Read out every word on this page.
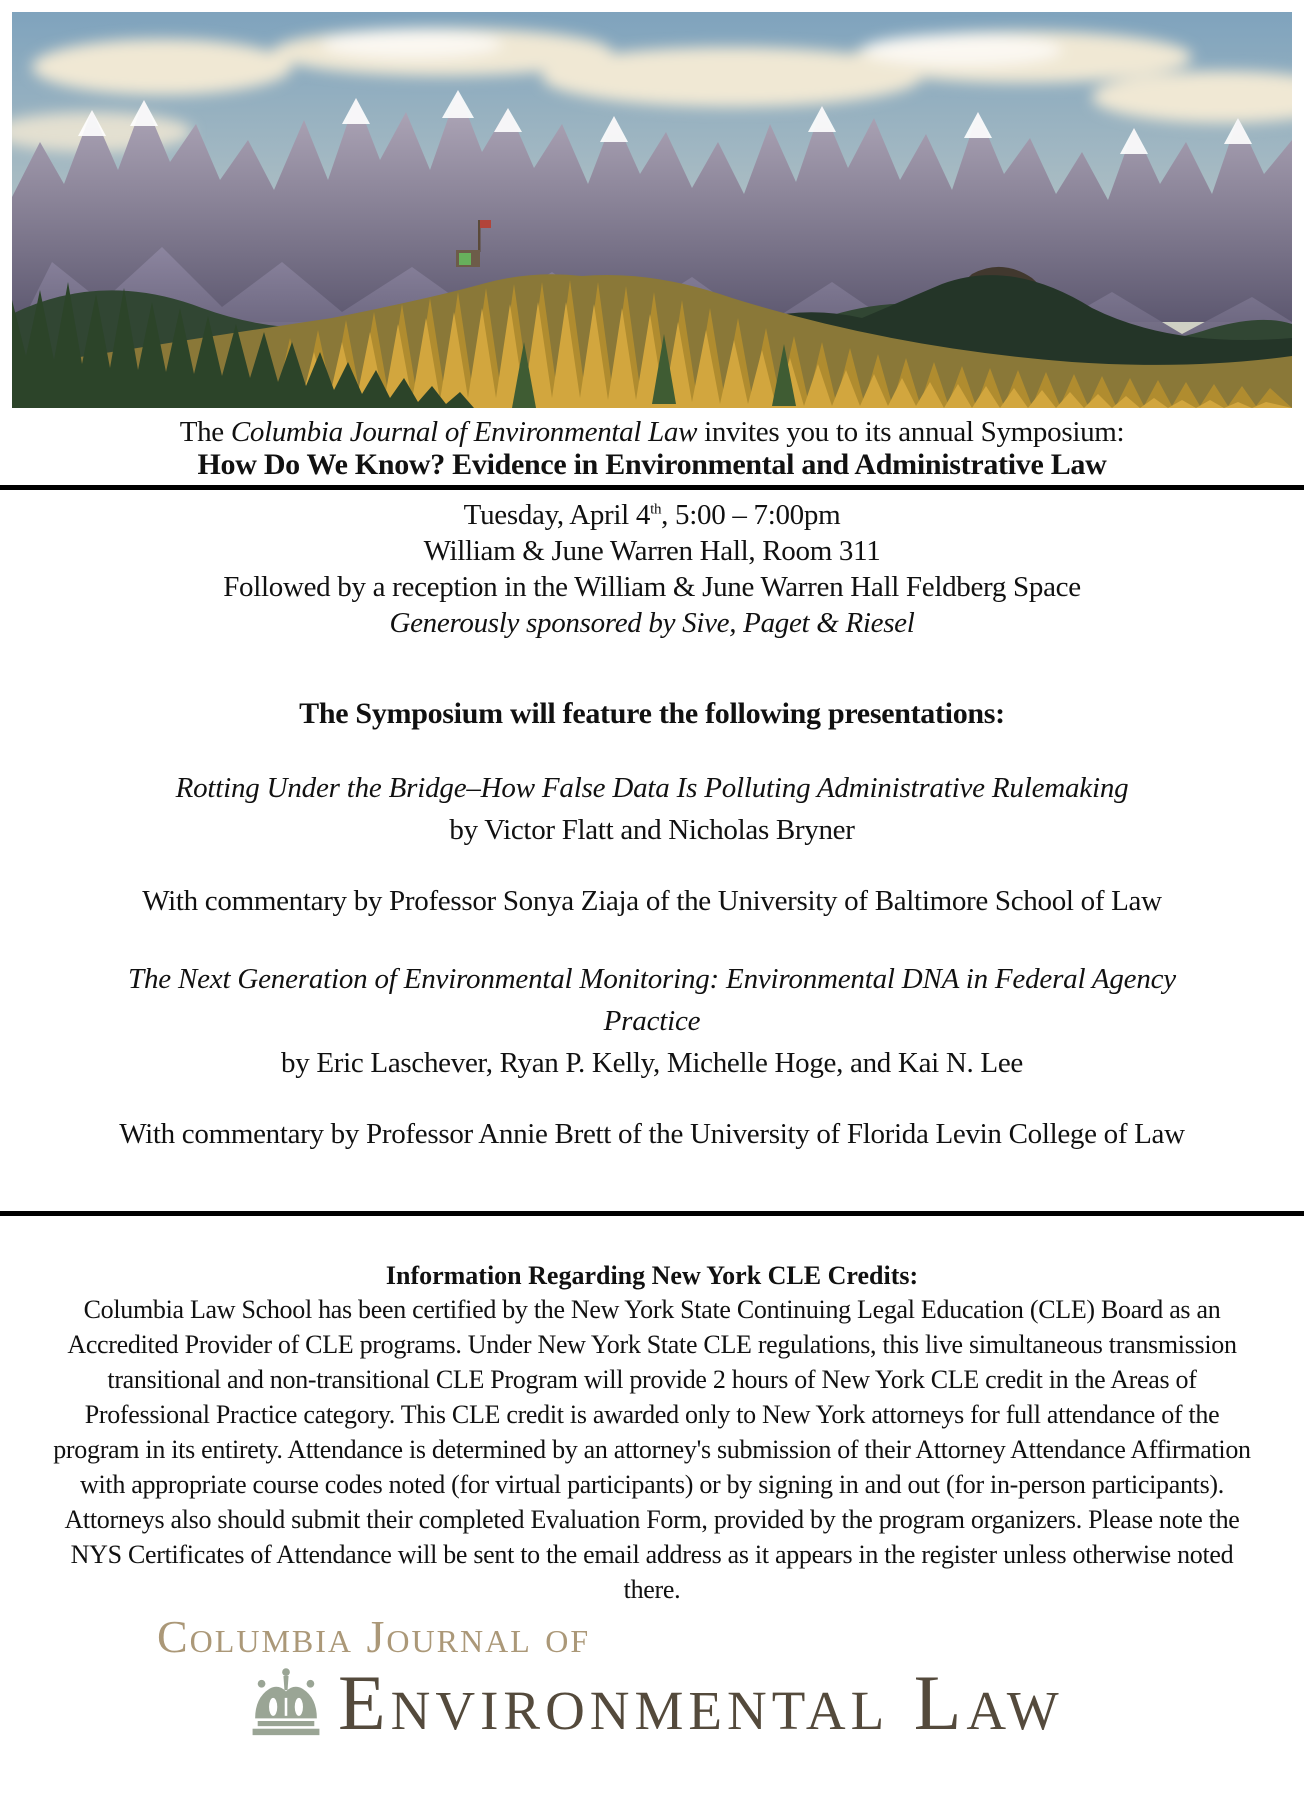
The Columbia Journal of Environmental Law invites you to its annual Symposium:
How Do We Know? Evidence in Environmental and Administrative Law
Tuesday, April 4th, 5:00 – 7:00pm
William & June Warren Hall, Room 311
Followed by a reception in the William & June Warren Hall Feldberg Space
Generously sponsored by Sive, Paget & Riesel
The Symposium will feature the following presentations:
Rotting Under the Bridge–How False Data Is Polluting Administrative Rulemaking
by Victor Flatt and Nicholas Bryner
With commentary by Professor Sonya Ziaja of the University of Baltimore School of Law
The Next Generation of Environmental Monitoring: Environmental DNA in Federal Agency Practice
by Eric Laschever, Ryan P. Kelly, Michelle Hoge, and Kai N. Lee
With commentary by Professor Annie Brett of the University of Florida Levin College of Law
Information Regarding New York CLE Credits:
Columbia Law School has been certified by the New York State Continuing Legal Education (CLE) Board as an Accredited Provider of CLE programs. Under New York State CLE regulations, this live simultaneous transmission transitional and non-transitional CLE Program will provide 2 hours of New York CLE credit in the Areas of Professional Practice category. This CLE credit is awarded only to New York attorneys for full attendance of the program in its entirety. Attendance is determined by an attorney's submission of their Attorney Attendance Affirmation with appropriate course codes noted (for virtual participants) or by signing in and out (for in-person participants). Attorneys also should submit their completed Evaluation Form, provided by the program organizers. Please note the NYS Certificates of Attendance will be sent to the email address as it appears in the register unless otherwise noted there.
Columbia Journal of
Environmental Law
